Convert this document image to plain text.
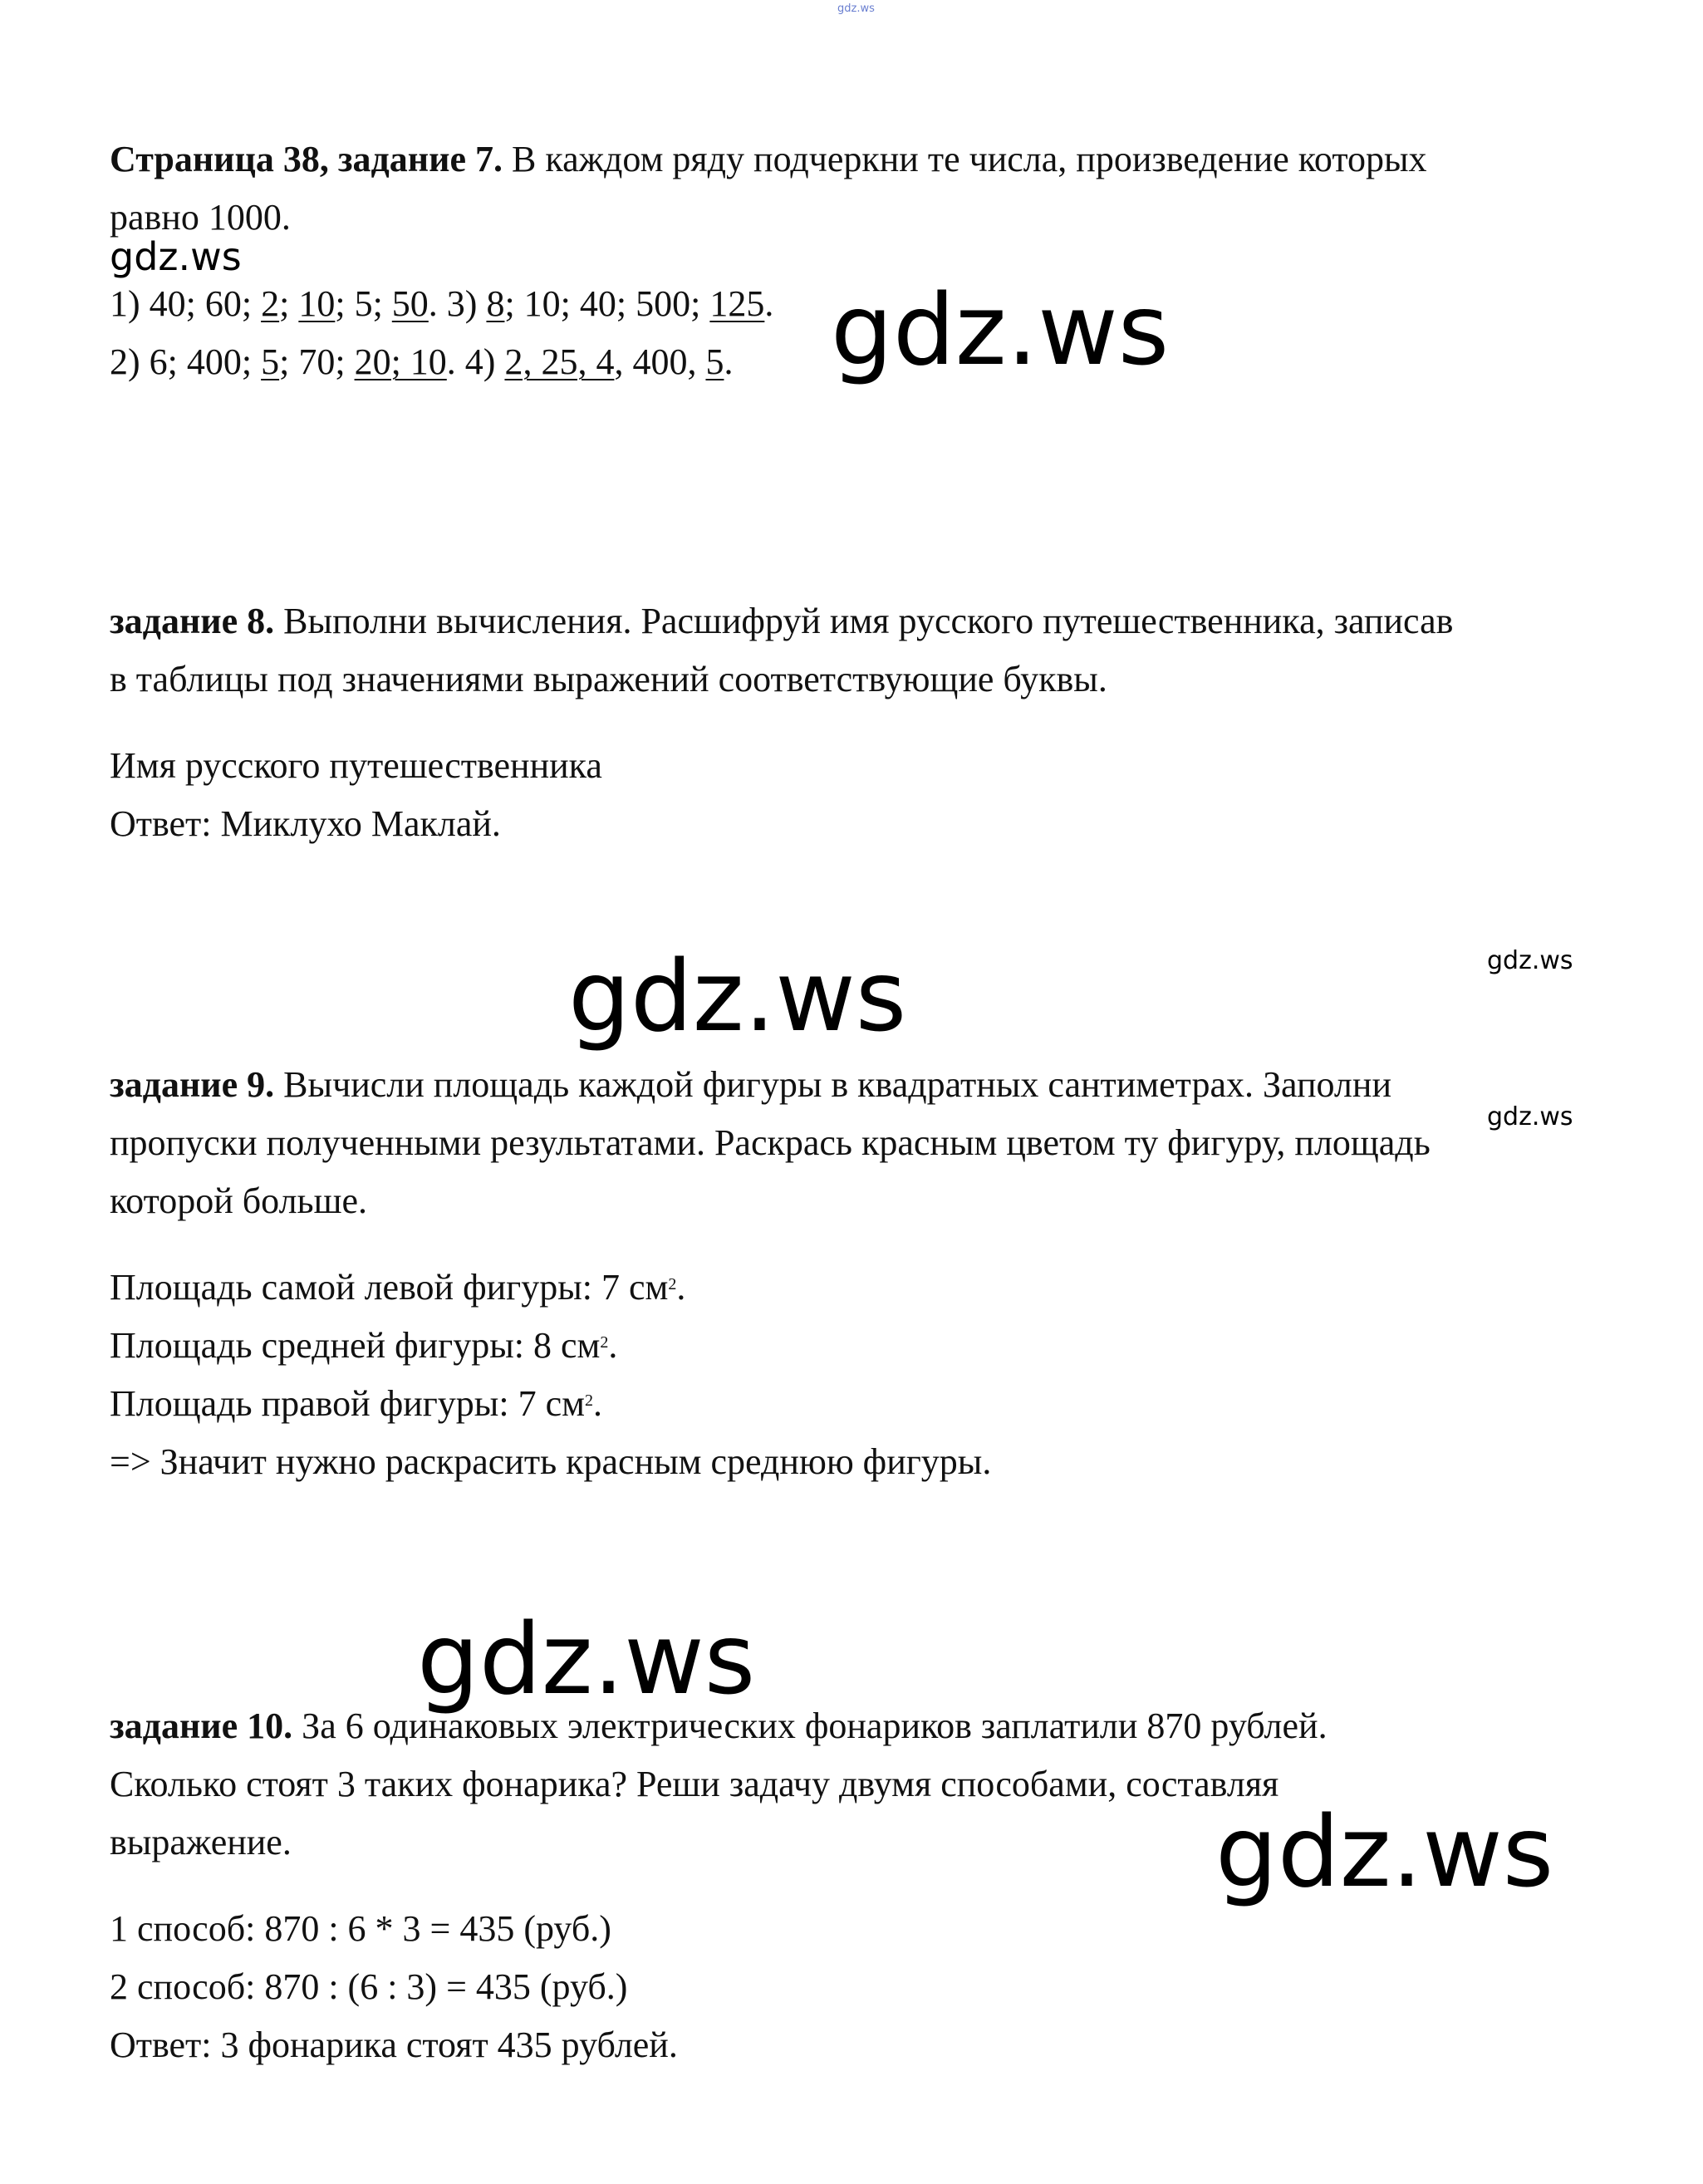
gdz.ws

gdz.ws

gdz.ws

gdz.ws

gdz.ws

gdz.ws

gdz.ws

gdz.ws

Страница 38, задание 7. В каждом ряду подчеркни те числа, произведение которых

равно 1000.

1) 40; 60; 2; 10; 5; 50. 3) 8; 10; 40; 500; 125.

2) 6; 400; 5; 70; 20; 10. 4) 2, 25, 4, 400, 5.

задание 8. Выполни вычисления. Расшифруй имя русского путешественника, записав

в таблицы под значениями выражений соответствующие буквы.

Имя русского путешественника

Ответ: Миклухо Маклай.

задание 9. Вычисли площадь каждой фигуры в квадратных сантиметрах. Заполни

пропуски полученными результатами. Раскрась красным цветом ту фигуру, площадь

которой больше.

Площадь самой левой фигуры: 7 $см^2$.

Площадь средней фигуры: 8 $см^2$.

Площадь правой фигуры: 7 $см^2$.

=> Значит нужно раскрасить красным среднюю фигуры.

задание 10. За 6 одинаковых электрических фонариков заплатили 870 рублей.

Сколько стоят 3 таких фонарика? Реши задачу двумя способами, составляя

выражение.

1 способ: 870 : 6 * 3 = 435 (руб.)

2 способ: 870 : (6 : 3) = 435 (руб.)

Ответ: 3 фонарика стоят 435 рублей.
